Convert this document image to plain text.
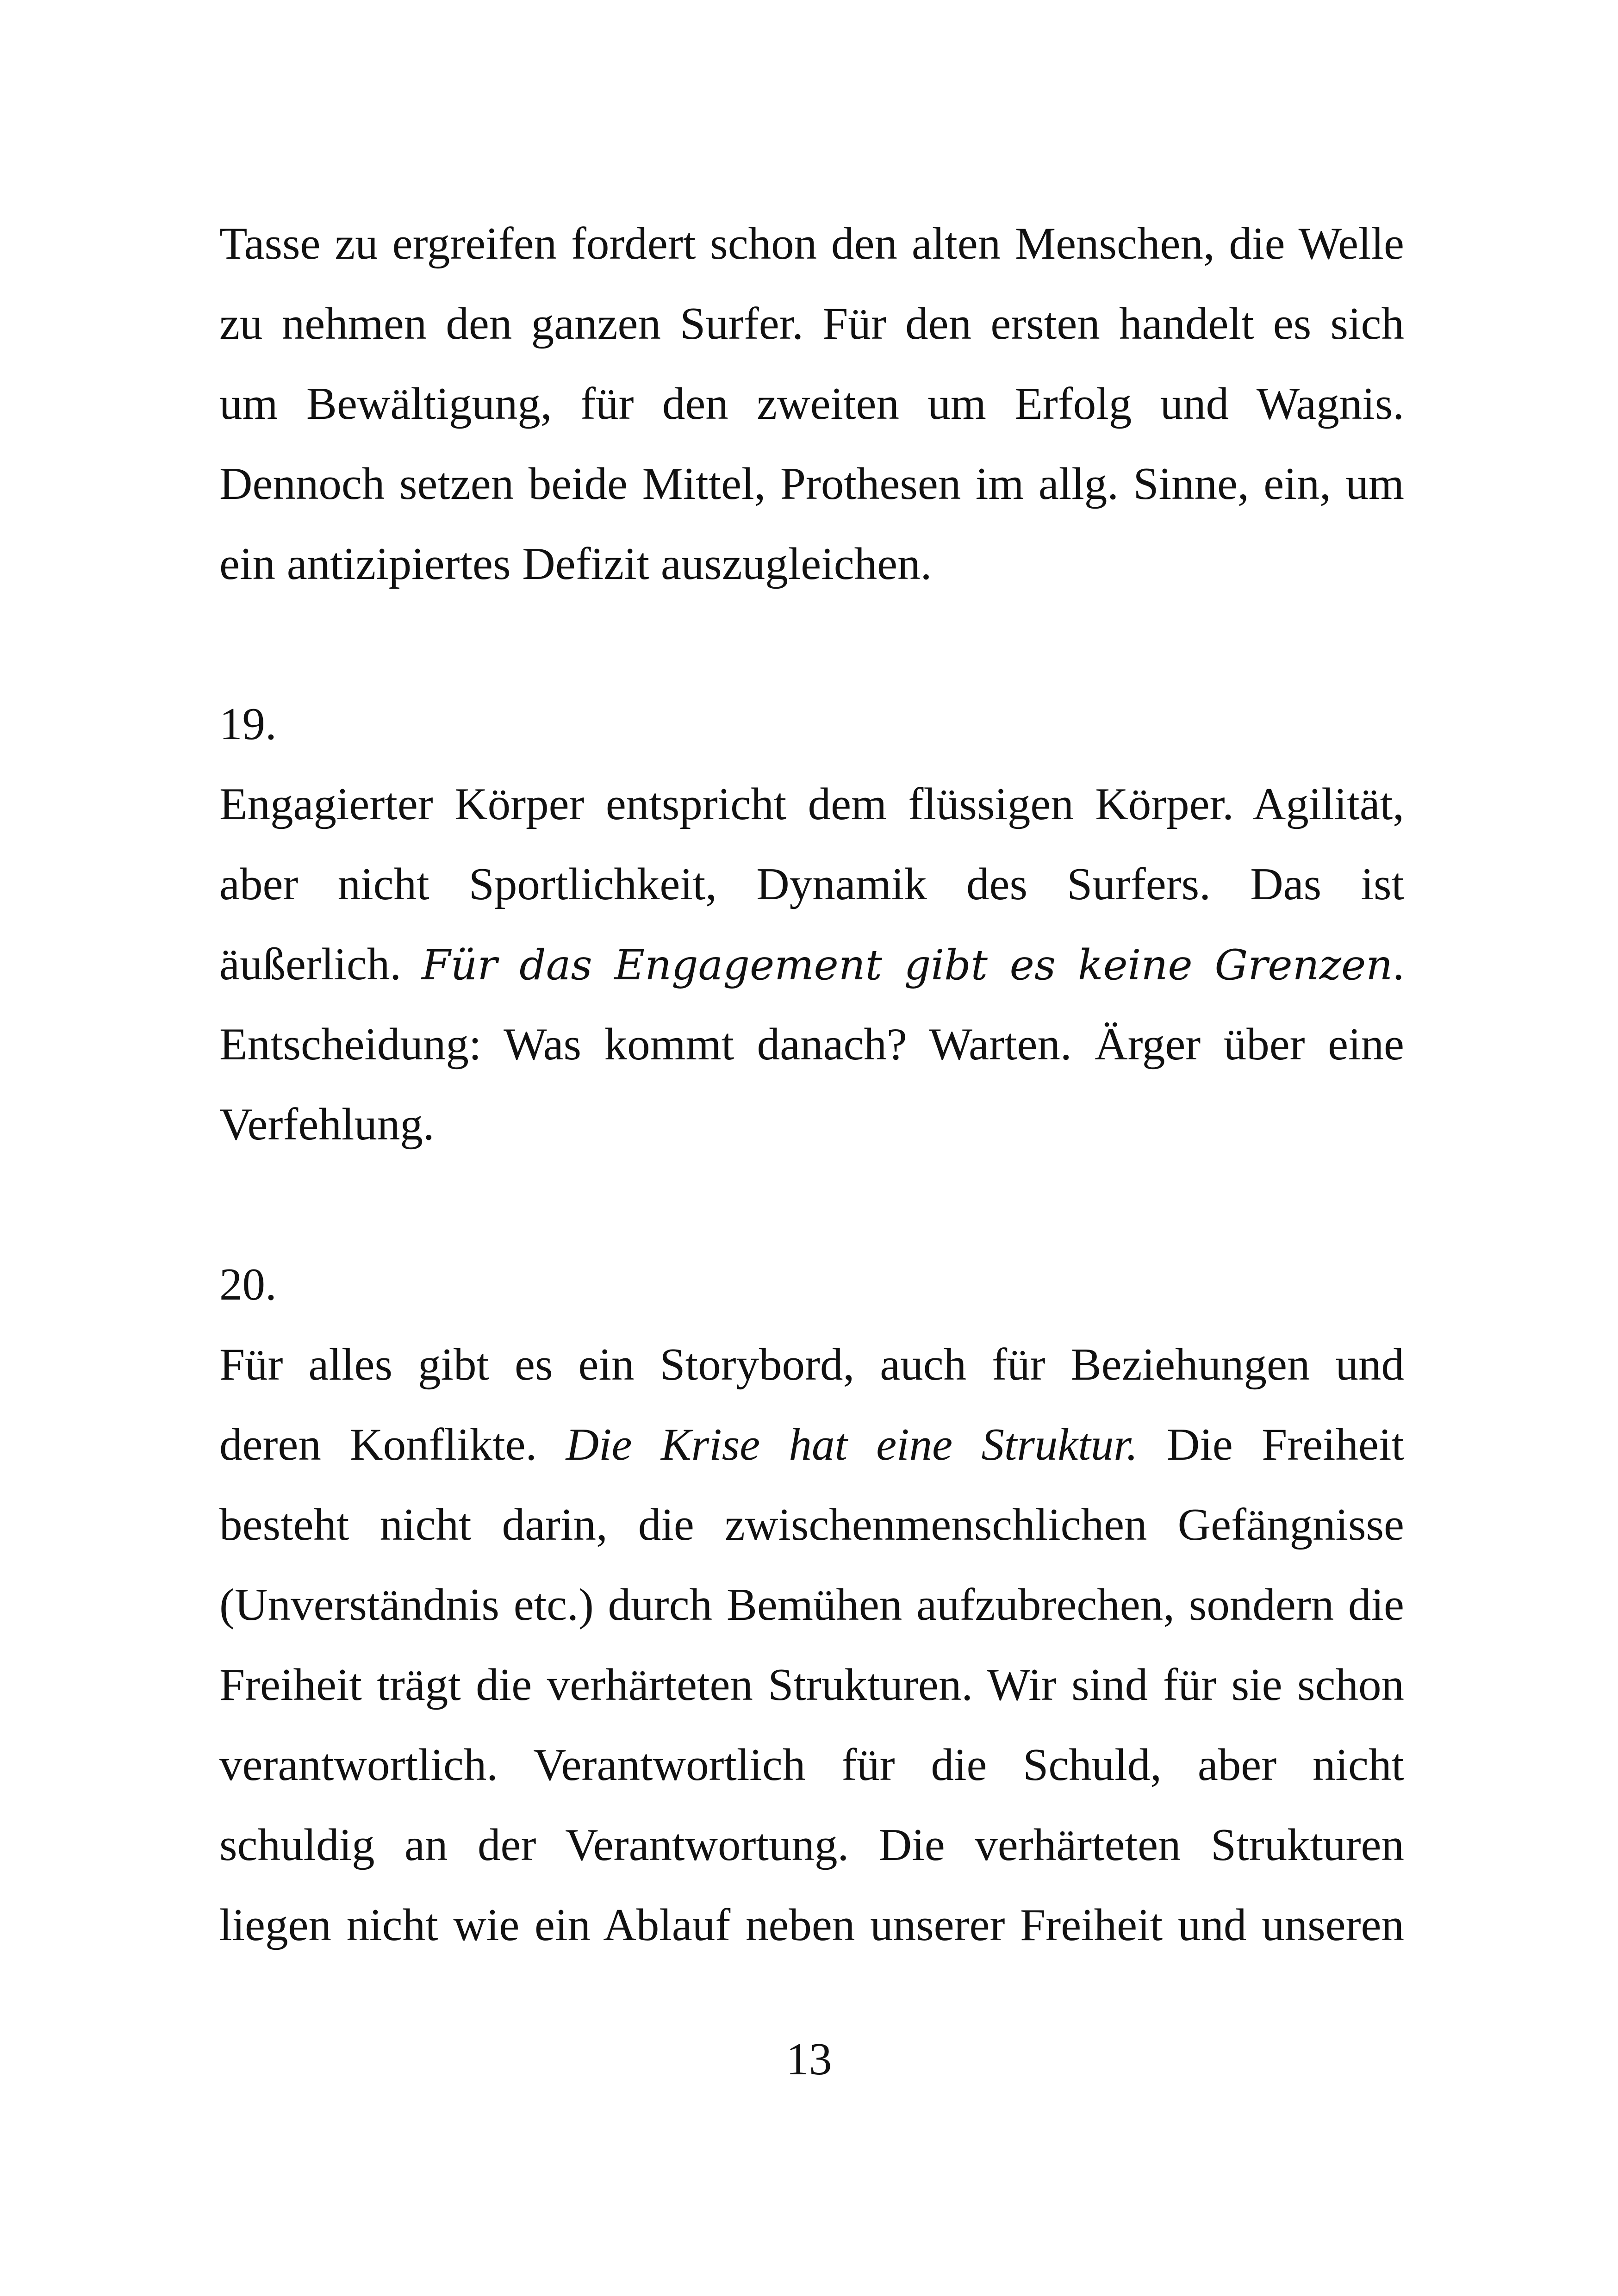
Tasse zu ergreifen fordert schon den alten Menschen, die Welle
zu nehmen den ganzen Surfer. Für den ersten handelt es sich
um Bewältigung, für den zweiten um Erfolg und Wagnis.
Dennoch setzen beide Mittel, Prothesen im allg. Sinne, ein, um
ein antizipiertes Defizit auszugleichen.
19.
Engagierter Körper entspricht dem flüssigen Körper. Agilität,
aber nicht Sportlichkeit, Dynamik des Surfers. Das ist
äußerlich. Für das Engagement gibt es keine Grenzen.
Entscheidung: Was kommt danach? Warten. Ärger über eine
Verfehlung.
20.
Für alles gibt es ein Storybord, auch für Beziehungen und
deren Konflikte. Die Krise hat eine Struktur. Die Freiheit
besteht nicht darin, die zwischenmenschlichen Gefängnisse
(Unverständnis etc.) durch Bemühen aufzubrechen, sondern die
Freiheit trägt die verhärteten Strukturen. Wir sind für sie schon
verantwortlich. Verantwortlich für die Schuld, aber nicht
schuldig an der Verantwortung. Die verhärteten Strukturen
liegen nicht wie ein Ablauf neben unserer Freiheit und unseren
13
